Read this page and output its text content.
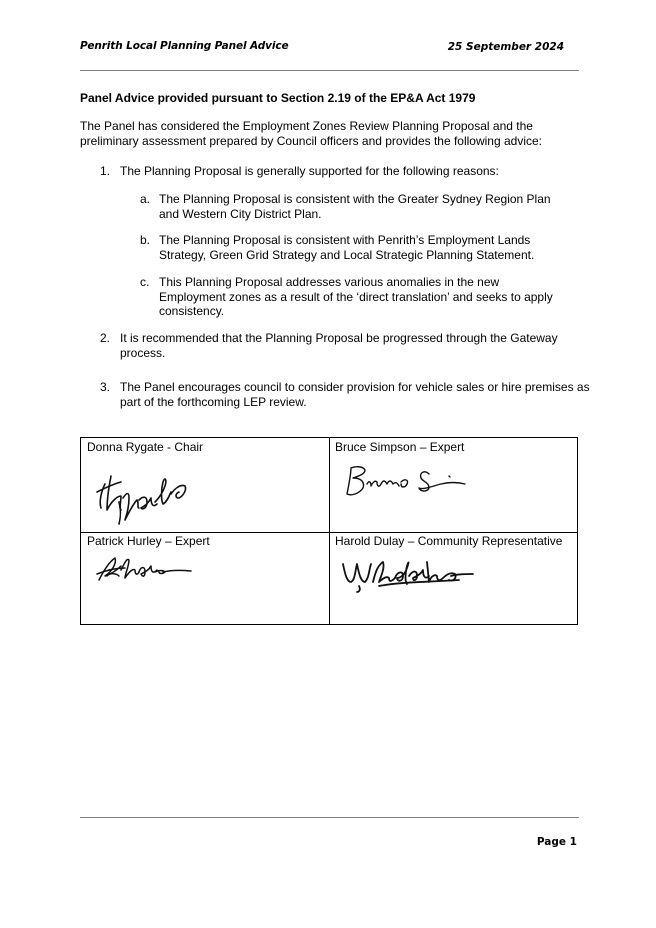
Penrith Local Planning Panel Advice	25 September 2024
Panel Advice provided pursuant to Section 2.19 of the EP&A Act 1979
The Panel has considered the Employment Zones Review Planning Proposal and the
preliminary assessment prepared by Council officers and provides the following advice:
1. The Planning Proposal is generally supported for the following reasons:
a. The Planning Proposal is consistent with the Greater Sydney Region Plan
and Western City District Plan.
b. The Planning Proposal is consistent with Penrith’s Employment Lands
Strategy, Green Grid Strategy and Local Strategic Planning Statement.
c. This Planning Proposal addresses various anomalies in the new
Employment zones as a result of the ‘direct translation’ and seeks to apply
consistency.
2. It is recommended that the Planning Proposal be progressed through the Gateway
process.
3. The Panel encourages council to consider provision for vehicle sales or hire premises as
part of the forthcoming LEP review.
Donna Rygate - Chair	Bruce Simpson – Expert
Patrick Hurley – Expert	Harold Dulay – Community Representative
Page 1
